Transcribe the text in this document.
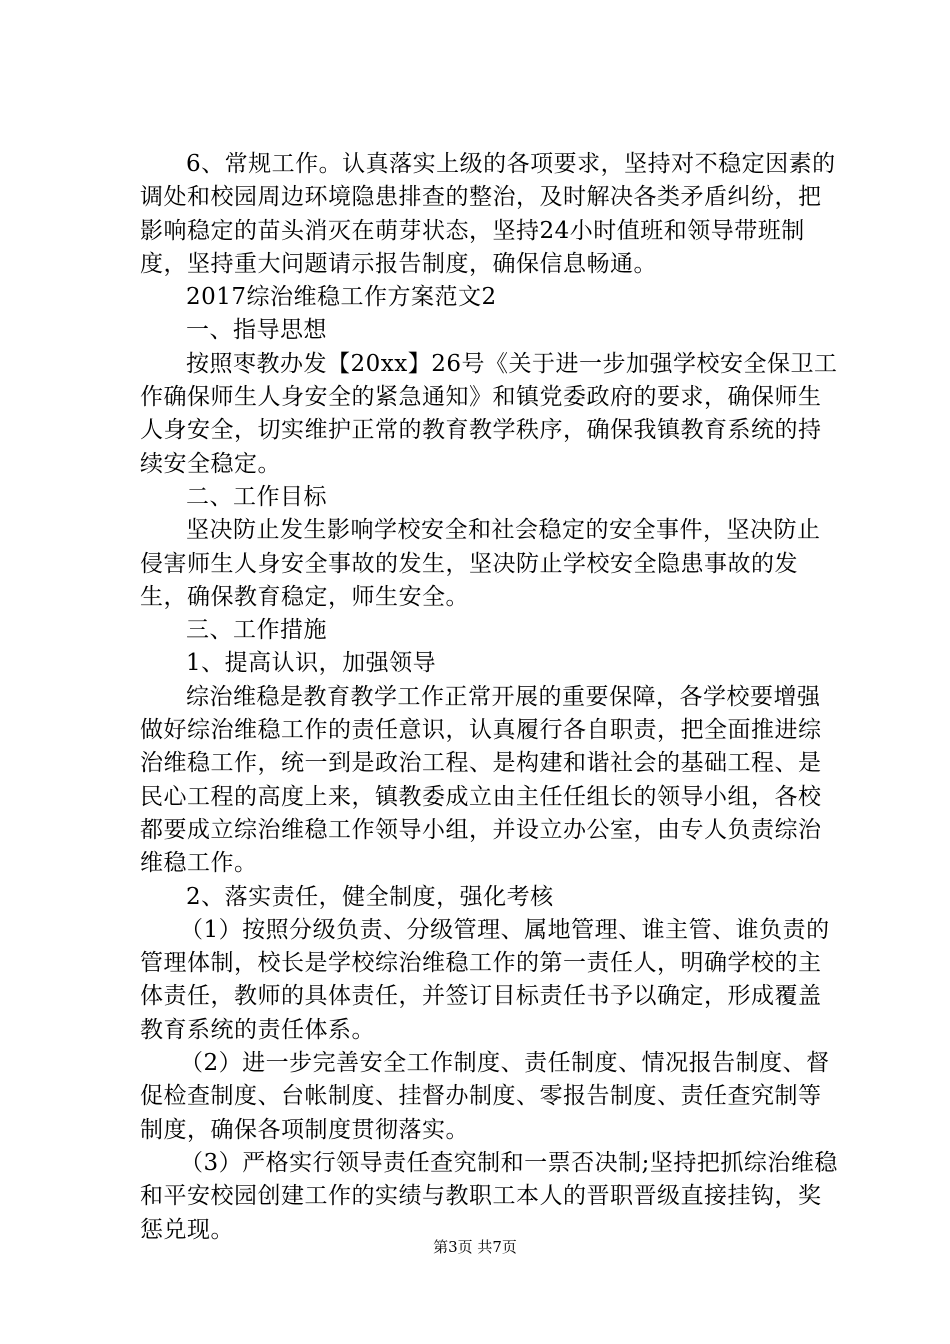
6、常规工作。认真落实上级的各项要求，坚持对不稳定因素的调处和校园周边环境隐患排查的整治，及时解决各类矛盾纠纷，把影响稳定的苗头消灭在萌芽状态，坚持24小时值班和领导带班制度，坚持重大问题请示报告制度，确保信息畅通。

2017综治维稳工作方案范文2

一、指导思想

按照枣教办发【20xx】26号《关于进一步加强学校安全保卫工作确保师生人身安全的紧急通知》和镇党委政府的要求，确保师生人身安全，切实维护正常的教育教学秩序，确保我镇教育系统的持续安全稳定。

二、工作目标

坚决防止发生影响学校安全和社会稳定的安全事件，坚决防止侵害师生人身安全事故的发生，坚决防止学校安全隐患事故的发生，确保教育稳定，师生安全。

三、工作措施

1、提高认识，加强领导

综治维稳是教育教学工作正常开展的重要保障，各学校要增强做好综治维稳工作的责任意识，认真履行各自职责，把全面推进综治维稳工作，统一到是政治工程、是构建和谐社会的基础工程、是民心工程的高度上来，镇教委成立由主任任组长的领导小组，各校都要成立综治维稳工作领导小组，并设立办公室，由专人负责综治维稳工作。

2、落实责任，健全制度，强化考核

（1）按照分级负责、分级管理、属地管理、谁主管、谁负责的管理体制，校长是学校综治维稳工作的第一责任人，明确学校的主体责任，教师的具体责任，并签订目标责任书予以确定，形成覆盖教育系统的责任体系。

（2）进一步完善安全工作制度、责任制度、情况报告制度、督促检查制度、台帐制度、挂督办制度、零报告制度、责任查究制等制度，确保各项制度贯彻落实。

（3）严格实行领导责任查究制和一票否决制;坚持把抓综治维稳和平安校园创建工作的实绩与教职工本人的晋职晋级直接挂钩，奖惩兑现。

第3页 共7页
